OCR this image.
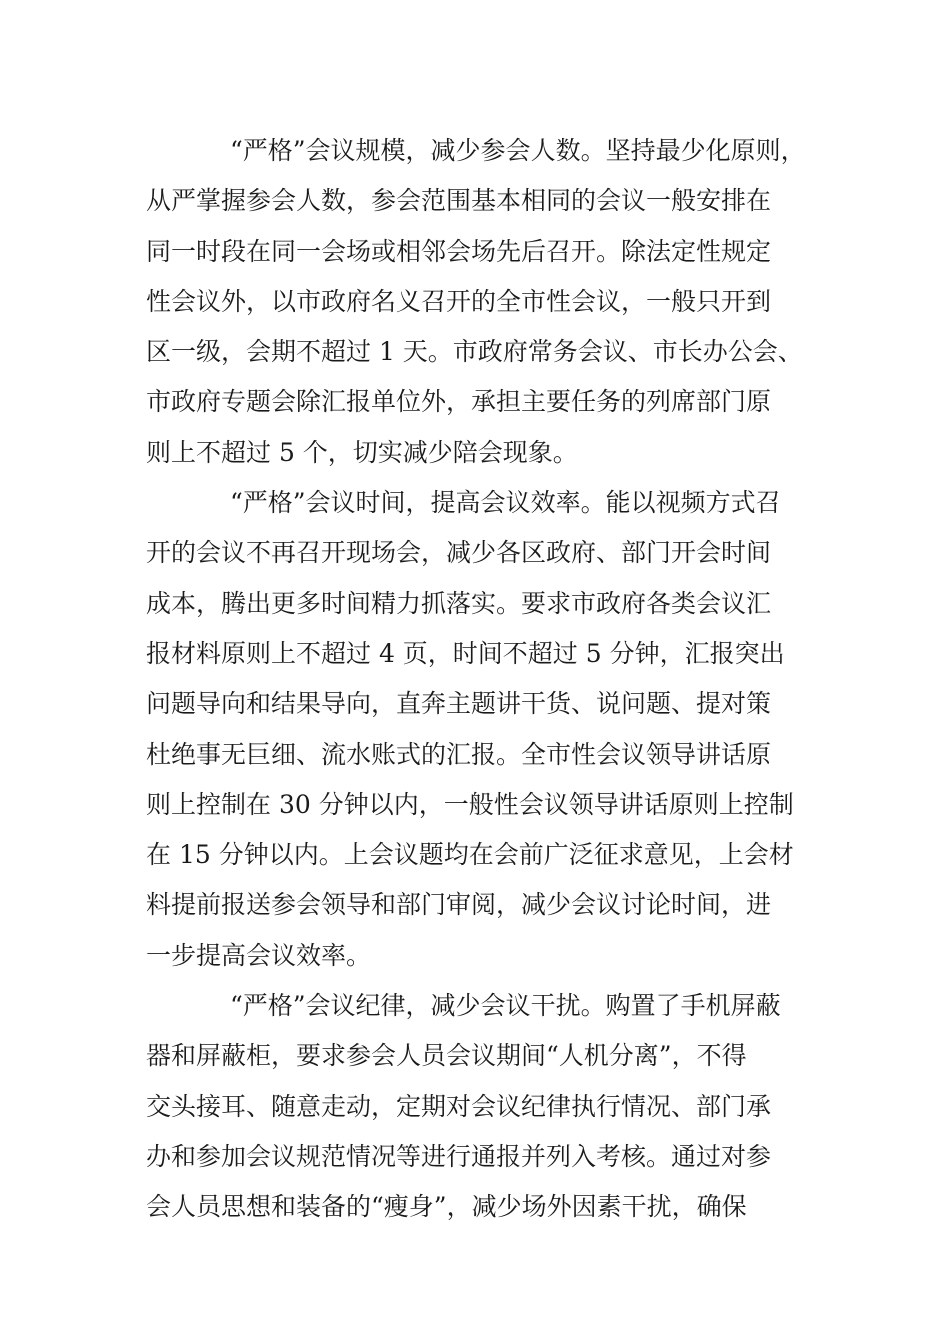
“严格”会议规模，减少参会人数。坚持最少化原则，
从严掌握参会人数，参会范围基本相同的会议一般安排在
同一时段在同一会场或相邻会场先后召开。除法定性规定
性会议外，以市政府名义召开的全市性会议，一般只开到
区一级，会期不超过 1 天。市政府常务会议、市长办公会、
市政府专题会除汇报单位外，承担主要任务的列席部门原
则上不超过 5 个，切实减少陪会现象。
“严格”会议时间，提高会议效率。能以视频方式召
开的会议不再召开现场会，减少各区政府、部门开会时间
成本，腾出更多时间精力抓落实。要求市政府各类会议汇
报材料原则上不超过 4 页，时间不超过 5 分钟，汇报突出
问题导向和结果导向，直奔主题讲干货、说问题、提对策
杜绝事无巨细、流水账式的汇报。全市性会议领导讲话原
则上控制在 30 分钟以内，一般性会议领导讲话原则上控制
在 15 分钟以内。上会议题均在会前广泛征求意见，上会材
料提前报送参会领导和部门审阅，减少会议讨论时间，进
一步提高会议效率。
“严格”会议纪律，减少会议干扰。购置了手机屏蔽
器和屏蔽柜，要求参会人员会议期间“人机分离”，不得
交头接耳、随意走动，定期对会议纪律执行情况、部门承
办和参加会议规范情况等进行通报并列入考核。通过对参
会人员思想和装备的“瘦身”，减少场外因素干扰，确保
